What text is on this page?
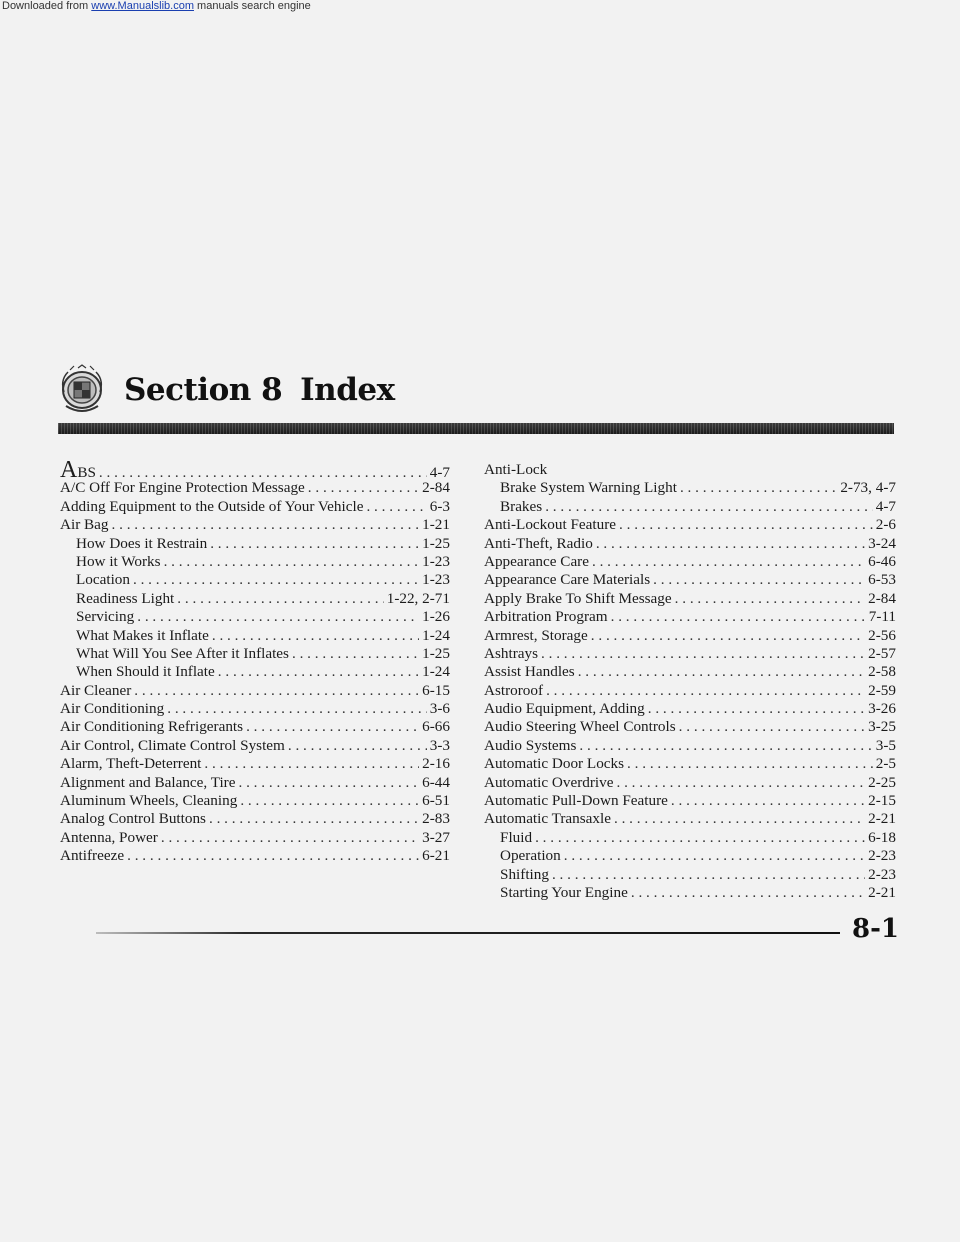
Downloaded from www.Manualslib.com manuals search engine
Section 8 Index
ABS . . .	4-7
A/C Off For Engine Protection Message . . .	2-84
Adding Equipment to the Outside of Your Vehicle . . .	6-3
Air Bag . . .	1-21
How Does it Restrain . . .	1-25
How it Works . . .	1-23
Location . . .	1-23
Readiness Light . . .	1-22, 2-71
Servicing . . .	1-26
What Makes it Inflate . . .	1-24
What Will You See After it Inflates . . .	1-25
When Should it Inflate . . .	1-24
Air Cleaner . . .	6-15
Air Conditioning . . .	3-6
Air Conditioning Refrigerants . . .	6-66
Air Control, Climate Control System . . .	3-3
Alarm, Theft-Deterrent . . .	2-16
Alignment and Balance, Tire . . .	6-44
Aluminum Wheels, Cleaning . . .	6-51
Analog Control Buttons . . .	2-83
Antenna, Power . . .	3-27
Antifreeze . . .	6-21
Anti-Lock
Brake System Warning Light . . .	2-73, 4-7
Brakes . . .	4-7
Anti-Lockout Feature . . .	2-6
Anti-Theft, Radio . . .	3-24
Appearance Care . . .	6-46
Appearance Care Materials . . .	6-53
Apply Brake To Shift Message . . .	2-84
Arbitration Program . . .	7-11
Armrest, Storage . . .	2-56
Ashtrays . . .	2-57
Assist Handles . . .	2-58
Astroroof . . .	2-59
Audio Equipment, Adding . . .	3-26
Audio Steering Wheel Controls . . .	3-25
Audio Systems . . .	3-5
Automatic Door Locks . . .	2-5
Automatic Overdrive . . .	2-25
Automatic Pull-Down Feature . . .	2-15
Automatic Transaxle . . .	2-21
Fluid . . .	6-18
Operation . . .	2-23
Shifting . . .	2-23
Starting Your Engine . . .	2-21
8-1
